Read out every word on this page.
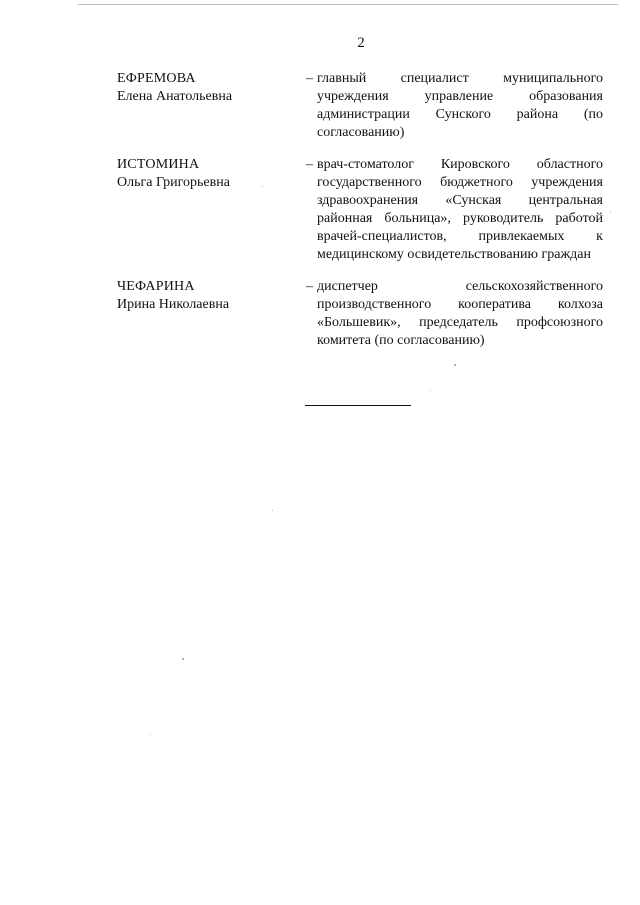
2
ЕФРЕМОВА
Елена Анатольевна
– главный специалист муниципального учреждения управление образования администрации Сунского района (по согласованию)

ИСТОМИНА
Ольга Григорьевна
– врач-стоматолог Кировского областного государственного бюджетного учреждения здравоохранения «Сунская центральная районная больница», руководитель работой врачей-специалистов, привлекаемых к медицинскому освидетельствованию граждан

ЧЕФАРИНА
Ирина Николаевна
– диспетчер сельскохозяйственного производственного кооператива колхоза «Большевик», председатель профсоюзного комитета (по согласованию)
